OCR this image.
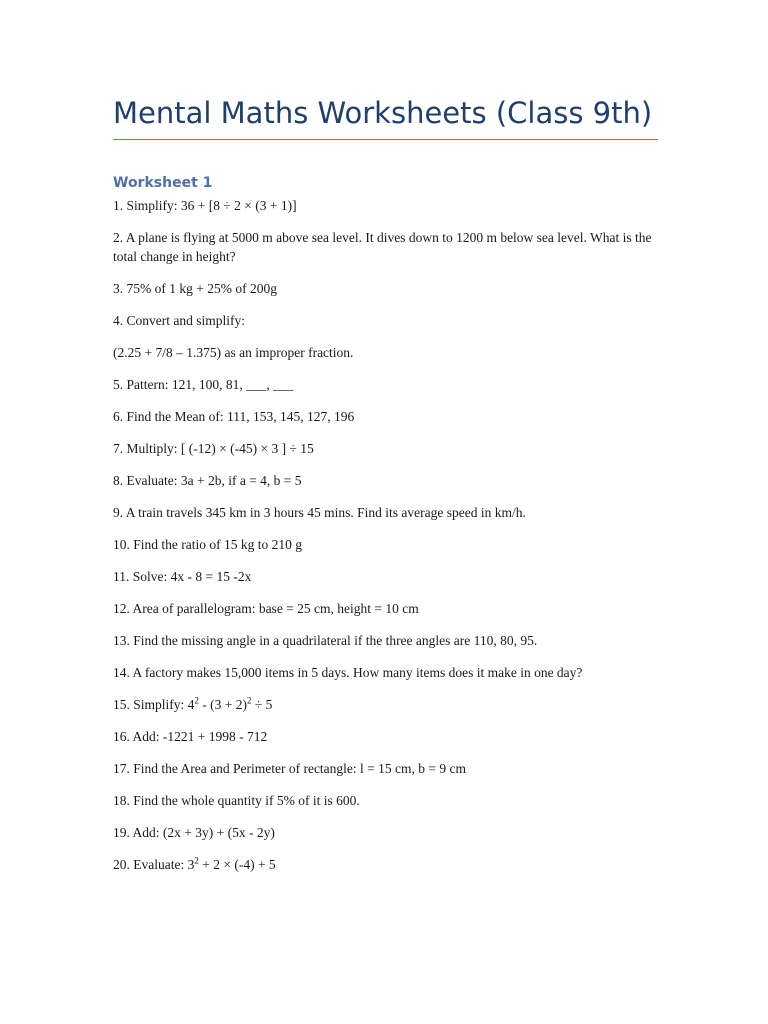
Mental Maths Worksheets (Class 9th)
Worksheet 1
1. Simplify: 36 + [8 ÷ 2 × (3 + 1)]
2. A plane is flying at 5000 m above sea level. It dives down to 1200 m below sea level. What is the total change in height?
3. 75% of 1 kg + 25% of 200g
4. Convert and simplify:
(2.25 + 7/8 – 1.375) as an improper fraction.
5. Pattern: 121, 100, 81, ___, ___
6. Find the Mean of: 111, 153, 145, 127, 196
7. Multiply: [ (-12) × (-45) × 3 ] ÷ 15
8. Evaluate: 3a + 2b, if a = 4, b = 5
9. A train travels 345 km in 3 hours 45 mins. Find its average speed in km/h.
10. Find the ratio of 15 kg to 210 g
11. Solve: 4x - 8 = 15 -2x
12. Area of parallelogram: base = 25 cm, height = 10 cm
13. Find the missing angle in a quadrilateral if the three angles are 110, 80, 95.
14. A factory makes 15,000 items in 5 days. How many items does it make in one day?
15. Simplify: $4^2 - (3 + 2)^2 \div 5$
16. Add: -1221 + 1998 - 712
17. Find the Area and Perimeter of rectangle: l = 15 cm, b = 9 cm
18. Find the whole quantity if 5% of it is 600.
19. Add: (2x + 3y) + (5x - 2y)
20. Evaluate: $3^2 + 2 \times (-4) + 5$
